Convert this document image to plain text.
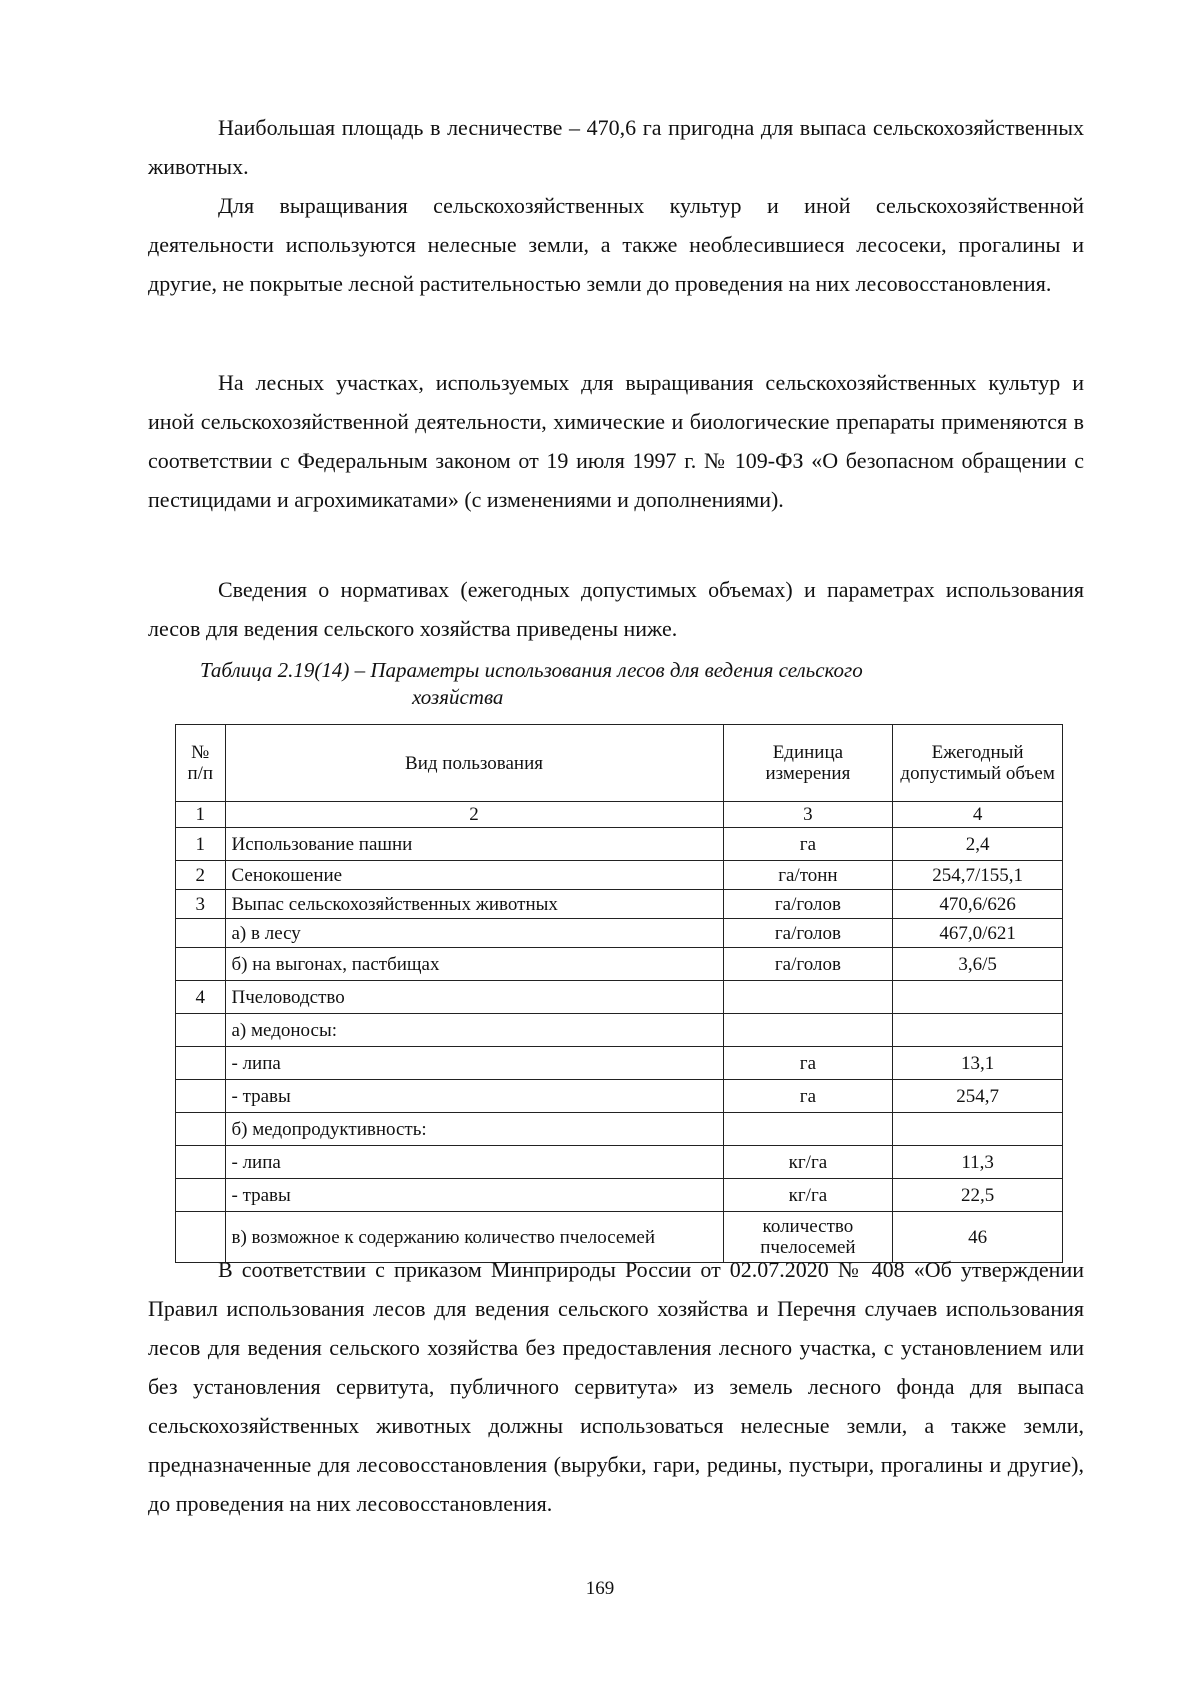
Наибольшая площадь в лесничестве – 470,6 га пригодна для выпаса сельскохозяйственных животных.

Для выращивания сельскохозяйственных культур и иной сельскохозяйственной деятельности используются нелесные земли, а также необлесившиеся лесосеки, прогалины и другие, не покрытые лесной растительностью земли до проведения на них лесовосстановления.

На лесных участках, используемых для выращивания сельскохозяйственных культур и иной сельскохозяйственной деятельности, химические и биологические препараты применяются в соответствии с Федеральным законом от 19 июля 1997 г. № 109-ФЗ «О безопасном обращении с пестицидами и агрохимикатами» (с изменениями и дополнениями).

Сведения о нормативах (ежегодных допустимых объемах) и параметрах использования лесов для ведения сельского хозяйства приведены ниже.

Таблица 2.19(14) – Параметры использования лесов для ведения сельского
хозяйства
№ п/п	Вид пользования	Единица измерения	Ежегодный допустимый объем
1	2	3	4
1	Использование пашни	га	2,4
2	Сенокошение	га/тонн	254,7/155,1
3	Выпас сельскохозяйственных животных	га/голов	470,6/626
	а) в лесу	га/голов	467,0/621
	б) на выгонах, пастбищах	га/голов	3,6/5
4	Пчеловодство		
	а) медоносы:		
	- липа	га	13,1
	- травы	га	254,7
	б) медопродуктивность:		
	- липа	кг/га	11,3
	- травы	кг/га	22,5
	в) возможное к содержанию количество пчелосемей	количество пчелосемей	46

В соответствии с приказом Минприроды России от 02.07.2020 № 408 «Об утверждении Правил использования лесов для ведения сельского хозяйства и Перечня случаев использования лесов для ведения сельского хозяйства без предоставления лесного участка, с установлением или без установления сервитута, публичного сервитута» из земель лесного фонда для выпаса сельскохозяйственных животных должны использоваться нелесные земли, а также земли, предназначенные для лесовосстановления (вырубки, гари, редины, пустыри, прогалины и другие), до проведения на них лесовосстановления.

169
